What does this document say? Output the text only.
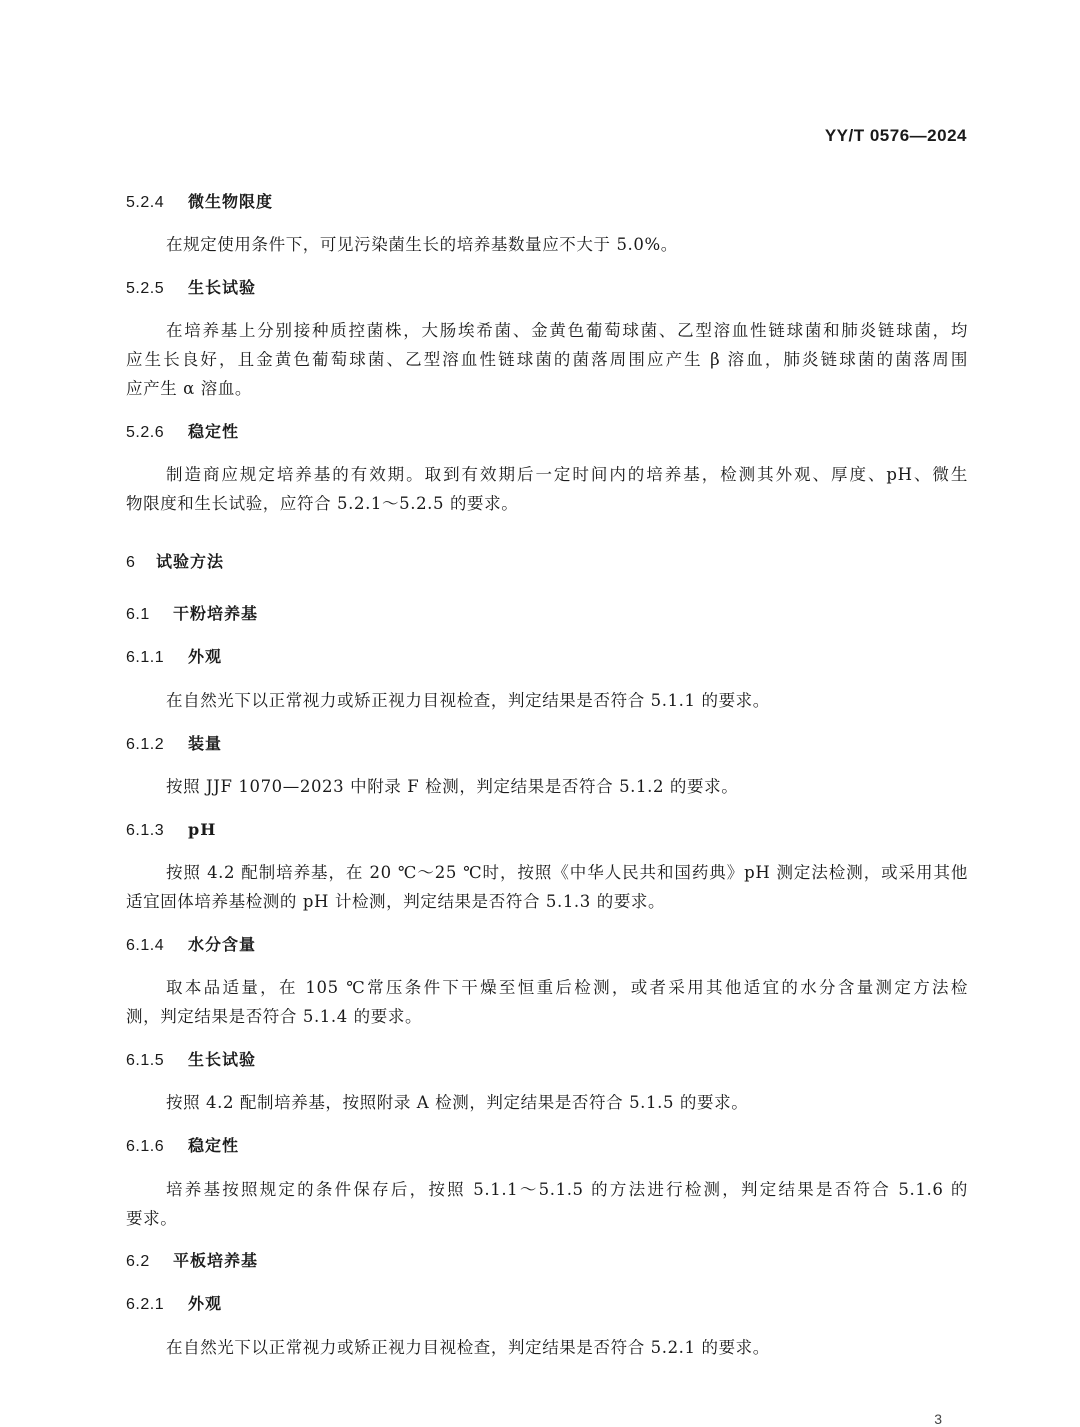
YY/T 0576—2024
5.2.4 微生物限度
在规定使用条件下，可见污染菌生长的培养基数量应不大于 5.0%。
5.2.5 生长试验
在培养基上分别接种质控菌株，大肠埃希菌、金黄色葡萄球菌、乙型溶血性链球菌和肺炎链球菌，均
应生长良好，且金黄色葡萄球菌、乙型溶血性链球菌的菌落周围应产生 β 溶血，肺炎链球菌的菌落周围
应产生 α 溶血。
5.2.6 稳定性
制造商应规定培养基的有效期。取到有效期后一定时间内的培养基，检测其外观、厚度、pH、微生
物限度和生长试验，应符合 5.2.1～5.2.5 的要求。
6 试验方法
6.1 干粉培养基
6.1.1 外观
在自然光下以正常视力或矫正视力目视检查，判定结果是否符合 5.1.1 的要求。
6.1.2 装量
按照 JJF 1070—2023 中附录 F 检测，判定结果是否符合 5.1.2 的要求。
6.1.3 pH
按照 4.2 配制培养基，在 20 ℃～25 ℃时，按照《中华人民共和国药典》pH 测定法检测，或采用其他
适宜固体培养基检测的 pH 计检测，判定结果是否符合 5.1.3 的要求。
6.1.4 水分含量
取本品适量，在 105 ℃常压条件下干燥至恒重后检测，或者采用其他适宜的水分含量测定方法检
测，判定结果是否符合 5.1.4 的要求。
6.1.5 生长试验
按照 4.2 配制培养基，按照附录 A 检测，判定结果是否符合 5.1.5 的要求。
6.1.6 稳定性
培养基按照规定的条件保存后，按照 5.1.1～5.1.5 的方法进行检测，判定结果是否符合 5.1.6 的
要求。
6.2 平板培养基
6.2.1 外观
在自然光下以正常视力或矫正视力目视检查，判定结果是否符合 5.2.1 的要求。
3
